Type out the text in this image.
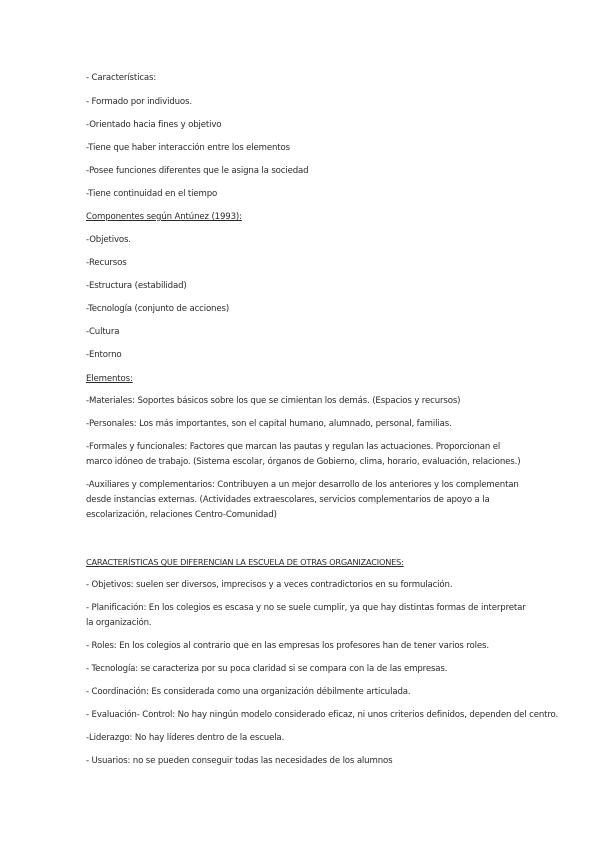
- Características:
- Formado por individuos.
-Orientado hacia fines y objetivo
-Tiene que haber interacción entre los elementos
-Posee funciones diferentes que le asigna la sociedad
-Tiene continuidad en el tiempo
Componentes según Antúnez (1993):
-Objetivos.
-Recursos
-Estructura (estabilidad)
-Tecnología (conjunto de acciones)
-Cultura
-Entorno
Elementos:
-Materiales: Soportes básicos sobre los que se cimientan los demás. (Espacios y recursos)
-Personales: Los más importantes, son el capital humano, alumnado, personal, familias.
-Formales y funcionales: Factores que marcan las pautas y regulan las actuaciones. Proporcionan el marco idóneo de trabajo. (Sistema escolar, órganos de Gobierno, clima, horario, evaluación, relaciones.)
-Auxiliares y complementarios: Contribuyen a un mejor desarrollo de los anteriores y los complementan desde instancias externas. (Actividades extraescolares, servicios complementarios de apoyo a la escolarización, relaciones Centro-Comunidad)
CARACTERÍSTICAS QUE DIFERENCIAN LA ESCUELA DE OTRAS ORGANIZACIONES:
- Objetivos: suelen ser diversos, imprecisos y a veces contradictorios en su formulación.
- Planificación: En los colegios es escasa y no se suele cumplir, ya que hay distintas formas de interpretar la organización.
- Roles: En los colegios al contrario que en las empresas los profesores han de tener varios roles.
- Tecnología: se caracteriza por su poca claridad si se compara con la de las empresas.
- Coordinación: Es considerada como una organización débilmente articulada.
- Evaluación- Control: No hay ningún modelo considerado eficaz, ni unos criterios definidos, dependen del centro.
-Liderazgo: No hay líderes dentro de la escuela.
- Usuarios: no se pueden conseguir todas las necesidades de los alumnos
